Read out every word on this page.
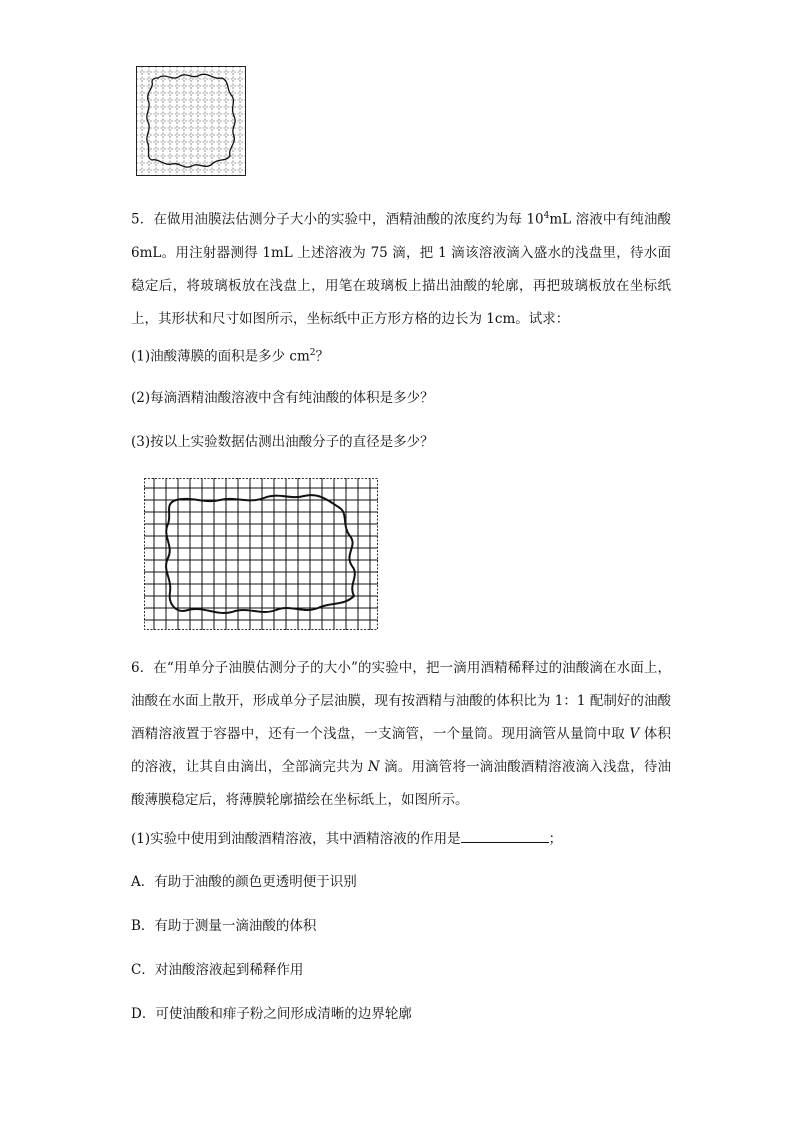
5．在做用油膜法估测分子大小的实验中，酒精油酸的浓度约为每 $10^4mL$ 溶液中有纯油酸 6mL。用注射器测得 1mL 上述溶液为 75 滴，把 1 滴该溶液滴入盛水的浅盘里，待水面稳定后，将玻璃板放在浅盘上，用笔在玻璃板上描出油酸的轮廓，再把玻璃板放在坐标纸上，其形状和尺寸如图所示，坐标纸中正方形方格的边长为 1cm。试求：

(1)油酸薄膜的面积是多少 $cm^2$？

(2)每滴酒精油酸溶液中含有纯油酸的体积是多少？

(3)按以上实验数据估测出油酸分子的直径是多少？

6．在“用单分子油膜估测分子的大小”的实验中，把一滴用酒精稀释过的油酸滴在水面上，油酸在水面上散开，形成单分子层油膜，现有按酒精与油酸的体积比为 1：1 配制好的油酸酒精溶液置于容器中，还有一个浅盘，一支滴管，一个量筒。现用滴管从量筒中取 V 体积的溶液，让其自由滴出，全部滴完共为 N 滴。用滴管将一滴油酸酒精溶液滴入浅盘，待油酸薄膜稳定后，将薄膜轮廓描绘在坐标纸上，如图所示。

(1)实验中使用到油酸酒精溶液，其中酒精溶液的作用是	；

A．有助于油酸的颜色更透明便于识别

B．有助于测量一滴油酸的体积

C．对油酸溶液起到稀释作用

D．可使油酸和痱子粉之间形成清晰的边界轮廓
